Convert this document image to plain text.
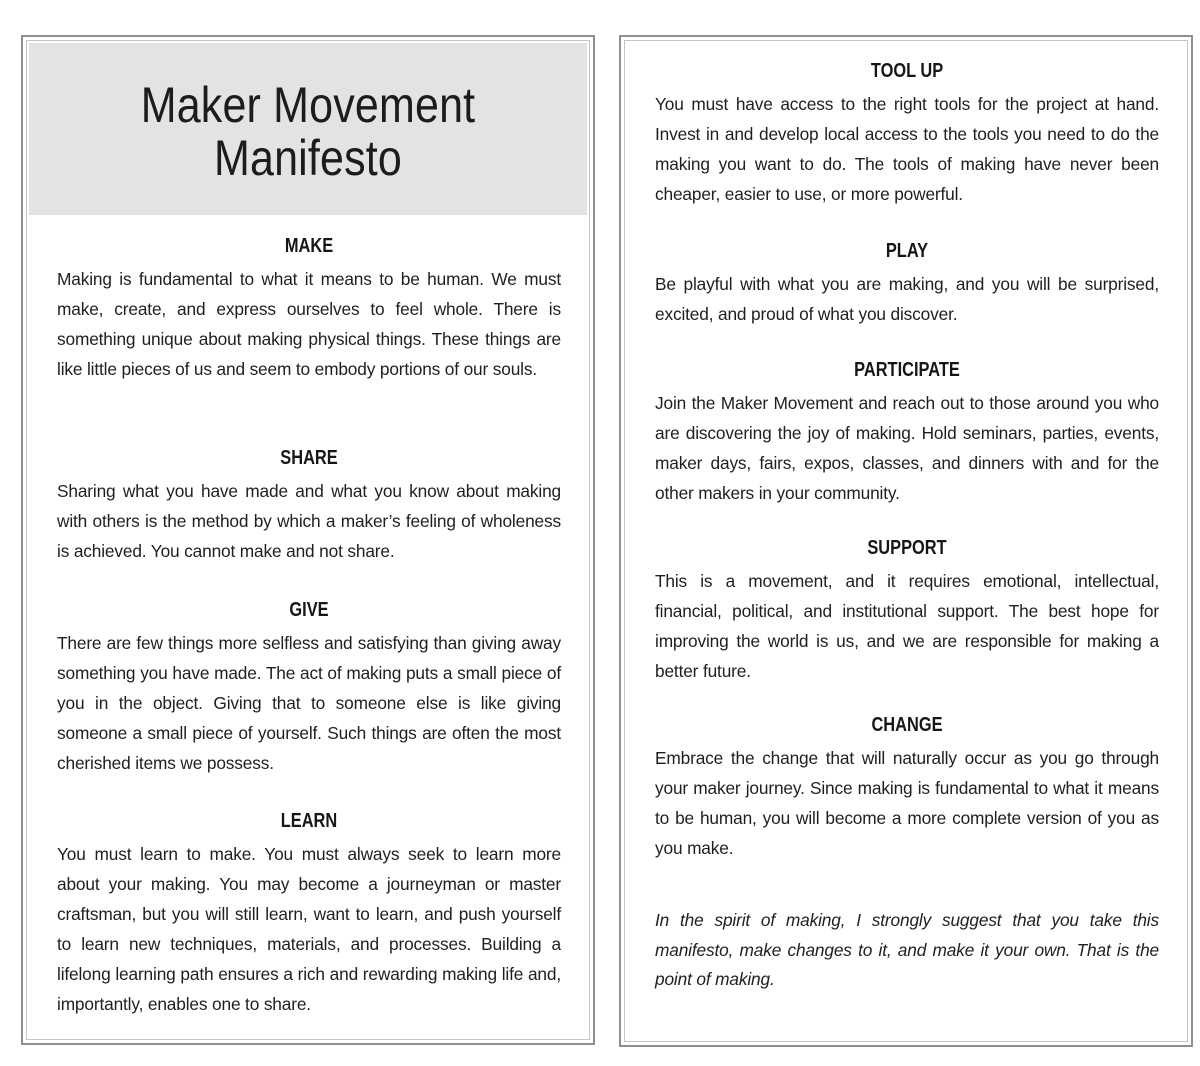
Maker Movement Manifesto
MAKE
Making is fundamental to what it means to be human. We must make, create, and express ourselves to feel whole. There is something unique about making physical things. These things are like little pieces of us and seem to embody portions of our souls.
SHARE
Sharing what you have made and what you know about making with others is the method by which a maker’s feeling of wholeness is achieved. You cannot make and not share.
GIVE
There are few things more selfless and satisfying than giving away something you have made. The act of making puts a small piece of you in the object. Giving that to someone else is like giving someone a small piece of yourself. Such things are often the most cherished items we possess.
LEARN
You must learn to make. You must always seek to learn more about your making. You may become a journeyman or master craftsman, but you will still learn, want to learn, and push yourself to learn new techniques, materials, and processes. Building a lifelong learning path ensures a rich and rewarding making life and, importantly, enables one to share.
TOOL UP
You must have access to the right tools for the project at hand. Invest in and develop local access to the tools you need to do the making you want to do. The tools of making have never been cheaper, easier to use, or more powerful.
PLAY
Be playful with what you are making, and you will be surprised, excited, and proud of what you discover.
PARTICIPATE
Join the Maker Movement and reach out to those around you who are discovering the joy of making. Hold seminars, parties, events, maker days, fairs, expos, classes, and dinners with and for the other makers in your community.
SUPPORT
This is a movement, and it requires emotional, intellectual, financial, political, and institutional support. The best hope for improving the world is us, and we are responsible for making a better future.
CHANGE
Embrace the change that will naturally occur as you go through your maker journey. Since making is fundamental to what it means to be human, you will become a more complete version of you as you make.
In the spirit of making, I strongly suggest that you take this manifesto, make changes to it, and make it your own. That is the point of making.
